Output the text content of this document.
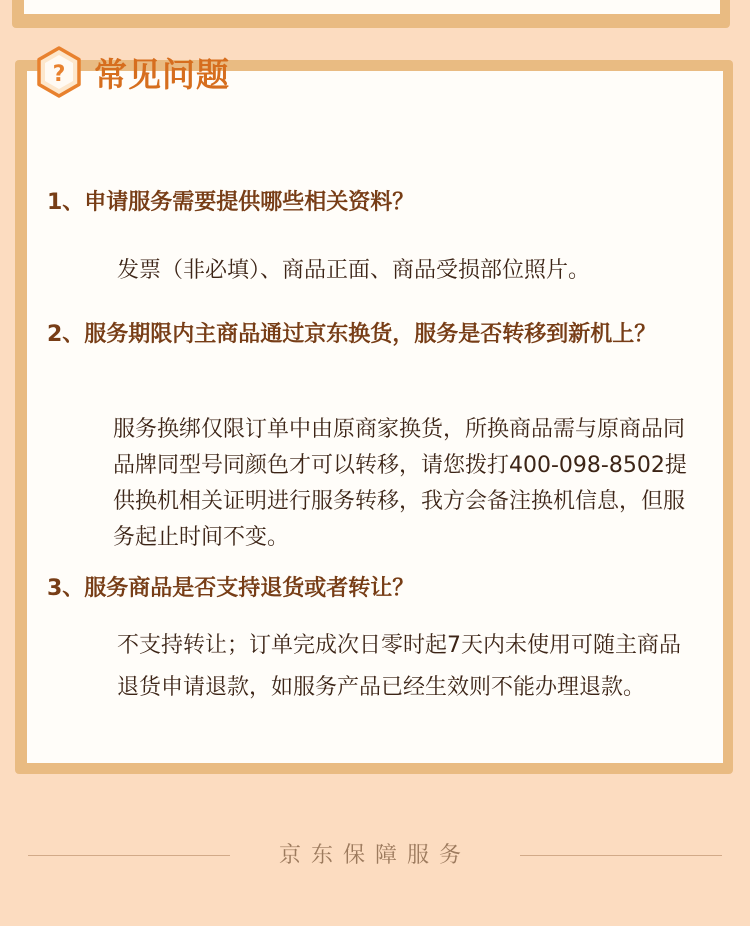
? 常见问题
1、申请服务需要提供哪些相关资料？
发票（非必填）、商品正面、商品受损部位照片。
2、服务期限内主商品通过京东换货，服务是否转移到新机上？
服务换绑仅限订单中由原商家换货，所换商品需与原商品同品牌同型号同颜色才可以转移，请您拨打400-098-8502提供换机相关证明进行服务转移，我方会备注换机信息，但服务起止时间不变。
3、服务商品是否支持退货或者转让？
不支持转让；订单完成次日零时起7天内未使用可随主商品退货申请退款，如服务产品已经生效则不能办理退款。
京东保障服务
